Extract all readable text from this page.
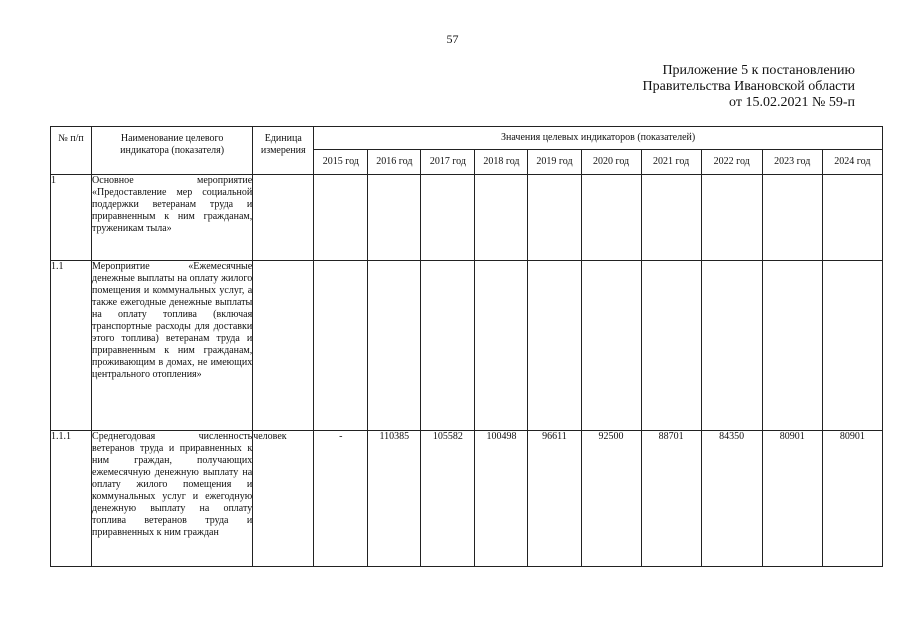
57
Приложение 5 к постановлению
Правительства Ивановской области
от 15.02.2021 № 59-п
№ п/п	Наименование целевого индикатора (показателя)	Единица измерения	Значения целевых индикаторов (показателей)									
			2015 год	2016 год	2017 год	2018 год	2019 год	2020 год	2021 год	2022 год	2023 год	2024 год
1	Основное мероприятие «Предоставление мер социальной поддержки ветеранам труда и приравненным к ним гражданам, труженикам тыла»											
1.1	Мероприятие «Ежемесячные денежные выплаты на оплату жилого помещения и коммунальных услуг, а также ежегодные денежные выплаты на оплату топлива (включая транспортные расходы для доставки этого топлива) ветеранам труда и приравненным к ним гражданам, проживающим в домах, не имеющих центрального отопления»											
1.1.1	Среднегодовая численность ветеранов труда и приравненных к ним граждан, получающих ежемесячную денежную выплату на оплату жилого помещения и коммунальных услуг и ежегодную денежную выплату на оплату топлива ветеранов труда и приравненных к ним граждан	человек	-	110385	105582	100498	96611	92500	88701	84350	80901	80901
